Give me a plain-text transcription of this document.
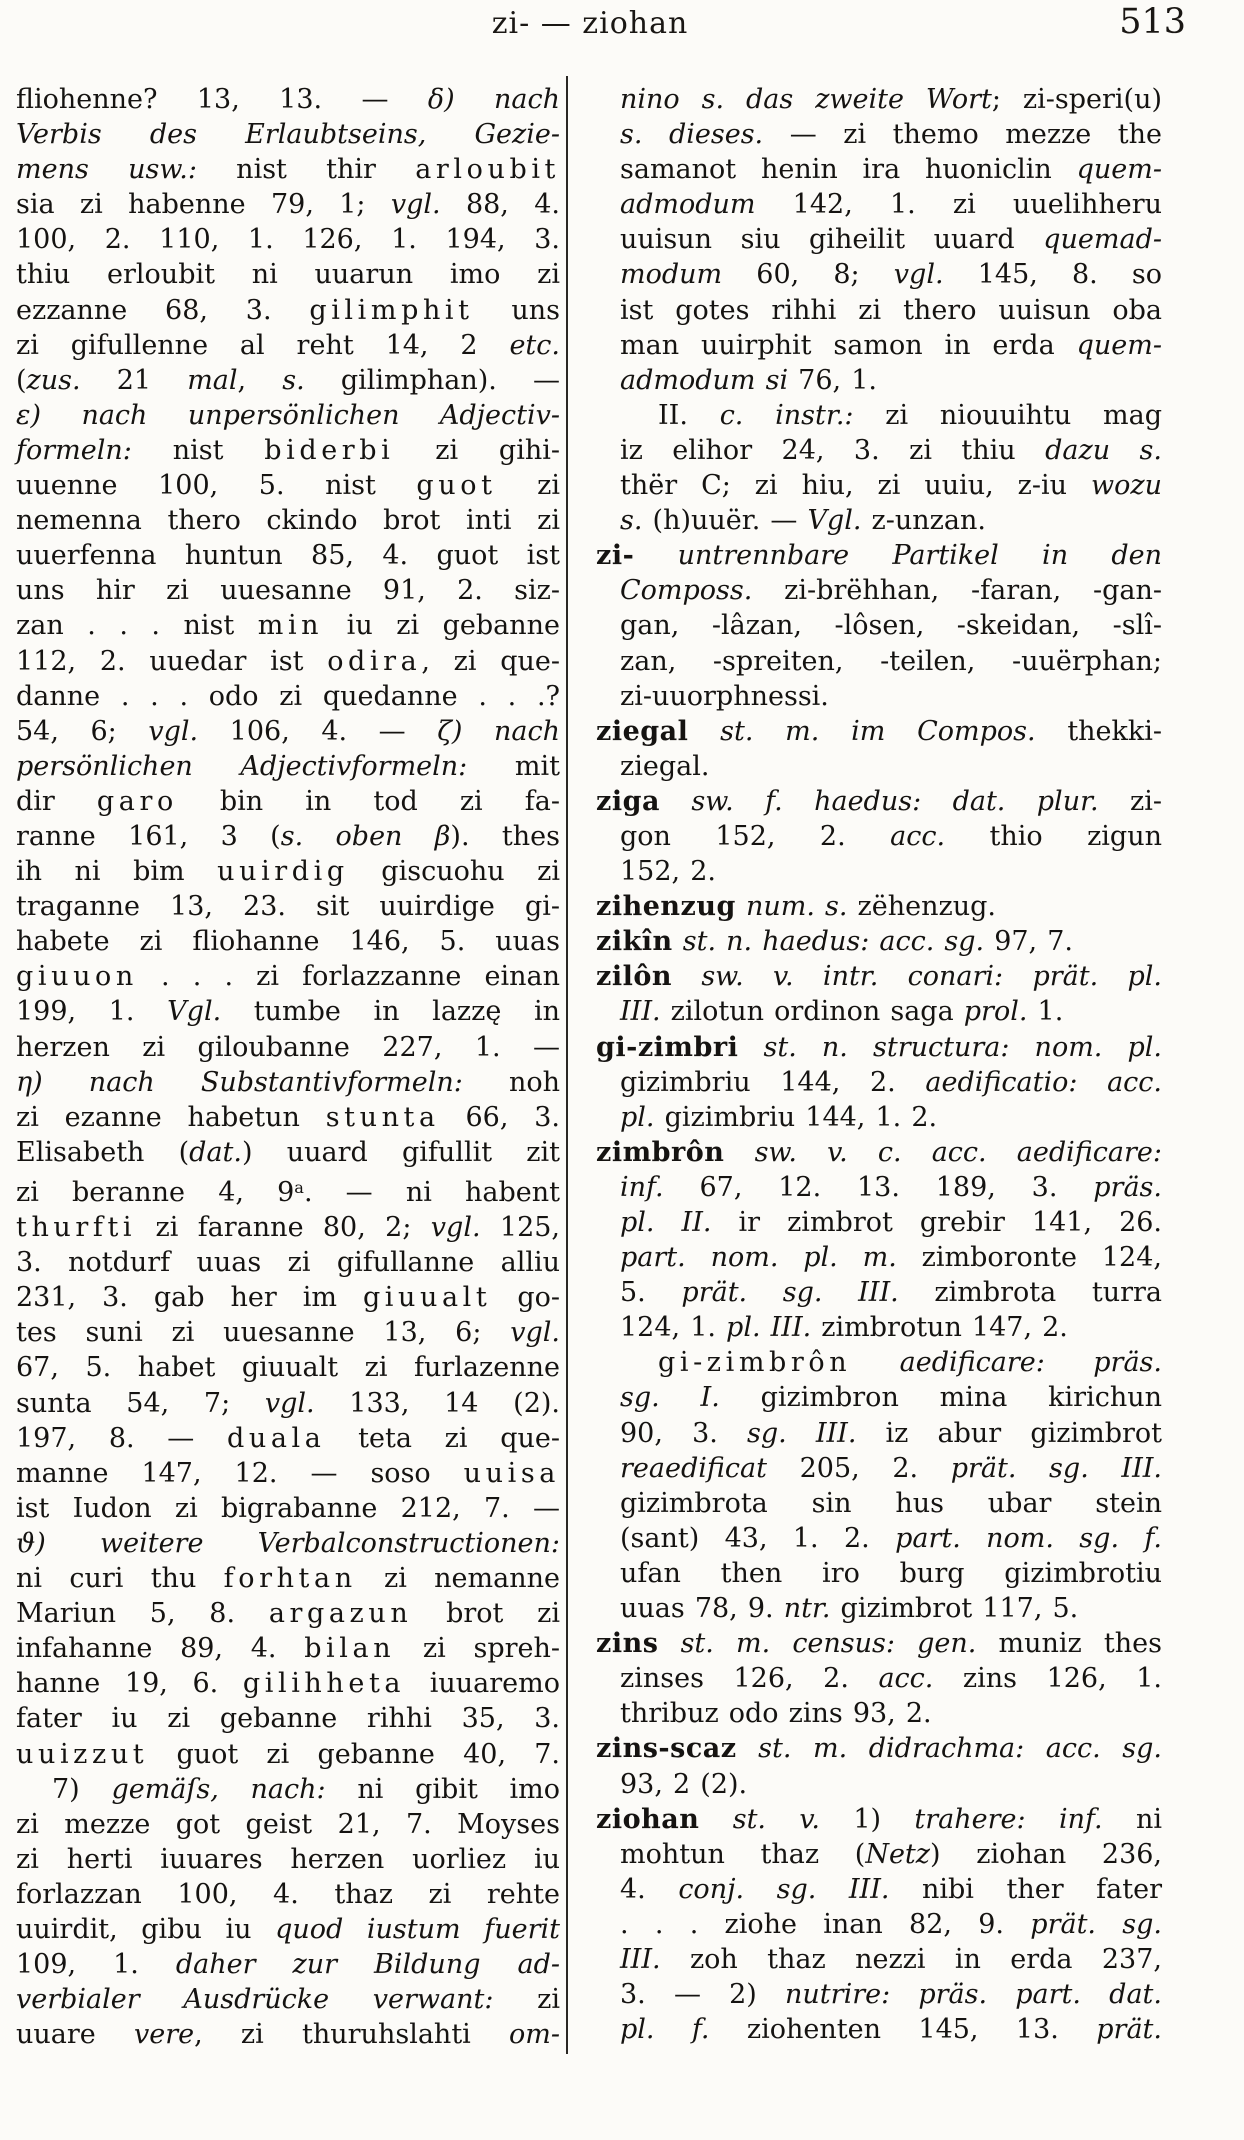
zi- — ziohan	513
fliohenne? 13, 13. — δ) nach
Verbis des Erlaubtseins, Gezie-
mens usw.: nist thir arloubit
sia zi habenne 79, 1; vgl. 88, 4.
100, 2. 110, 1. 126, 1. 194, 3.
thiu erloubit ni uuarun imo zi
ezzanne 68, 3. gilimphit uns
zi gifullenne al reht 14, 2 etc.
(zus. 21 mal, s. gilimphan). —
ε) nach unpersönlichen Adjectiv-
formeln: nist biderbi zi gihi-
uuenne 100, 5. nist guot zi
nemenna thero ckindo brot inti zi
uuerfenna huntun 85, 4. guot ist
uns hir zi uuesanne 91, 2. siz-
zan . . . nist min iu zi gebanne
112, 2. uuedar ist odira, zi que-
danne . . . odo zi quedanne . . .?
54, 6; vgl. 106, 4. — ζ) nach
persönlichen Adjectivformeln: mit
dir garo bin in tod zi fa-
ranne 161, 3 (s. oben β). thes
ih ni bim uuirdig giscuohu zi
traganne 13, 23. sit uuirdige gi-
habete zi fliohanne 146, 5. uuas
giuuon . . . zi forlazzanne einan
199, 1. Vgl. tumbe in lazzę in
herzen zi giloubanne 227, 1. —
η) nach Substantivformeln: noh
zi ezanne habetun stunta 66, 3.
Elisabeth (dat.) uuard gifullit zit
zi beranne 4, 9$^a$. — ni habent
thurfti zi faranne 80, 2; vgl. 125,
3. notdurf uuas zi gifullanne alliu
231, 3. gab her im giuualt go-
tes suni zi uuesanne 13, 6; vgl.
67, 5. habet giuualt zi furlazenne
sunta 54, 7; vgl. 133, 14 (2).
197, 8. — duala teta zi que-
manne 147, 12. — soso uuisa
ist Iudon zi bigrabanne 212, 7. —
ϑ) weitere Verbalconstructionen:
ni curi thu forhtan zi nemanne
Mariun 5, 8. argazun brot zi
infahanne 89, 4. bilan zi spreh-
hanne 19, 6. gilihheta iuuaremo
fater iu zi gebanne rihhi 35, 3.
uuizzut guot zi gebanne 40, 7.
7) gemäſs, nach: ni gibit imo
zi mezze got geist 21, 7. Moyses
zi herti iuuares herzen uorliez iu
forlazzan 100, 4. thaz zi rehte
uuirdit, gibu iu quod iustum fuerit
109, 1. daher zur Bildung ad-
verbialer Ausdrücke verwant: zi
uuare vere, zi thuruhslahti om-
nino s. das zweite Wort; zi-speri(u)
s. dieses. — zi themo mezze the
samanot henin ira huoniclin quem-
admodum 142, 1. zi uuelihheru
uuisun siu giheilit uuard quemad-
modum 60, 8; vgl. 145, 8. so
ist gotes rihhi zi thero uuisun oba
man uuirphit samon in erda quem-
admodum si 76, 1.
II. c. instr.: zi niouuihtu mag
iz elihor 24, 3. zi thiu dazu s.
thër C; zi hiu, zi uuiu, z-iu wozu
s. (h)uuër. — Vgl. z-unzan.
zi- untrennbare Partikel in den
Composs. zi-brëhhan, -faran, -gan-
gan, -lâzan, -lôsen, -skeidan, -slî-
zan, -spreiten, -teilen, -uuërphan;
zi-uuorphnessi.
ziegal st. m. im Compos. thekki-
ziegal.
ziga sw. f. haedus: dat. plur. zi-
gon 152, 2. acc. thio zigun
152, 2.
zihenzug num. s. zëhenzug.
zikîn st. n. haedus: acc. sg. 97, 7.
zilôn sw. v. intr. conari: prät. pl.
III. zilotun ordinon saga prol. 1.
gi-zimbri st. n. structura: nom. pl.
gizimbriu 144, 2. aedificatio: acc.
pl. gizimbriu 144, 1. 2.
zimbrôn sw. v. c. acc. aedificare:
inf. 67, 12. 13. 189, 3. präs.
pl. II. ir zimbrot grebir 141, 26.
part. nom. pl. m. zimboronte 124,
5. prät. sg. III. zimbrota turra
124, 1. pl. III. zimbrotun 147, 2.
gi-zimbrôn aedificare: präs.
sg. I. gizimbron mina kirichun
90, 3. sg. III. iz abur gizimbrot
reaedificat 205, 2. prät. sg. III.
gizimbrota sin hus ubar stein
(sant) 43, 1. 2. part. nom. sg. f.
ufan then iro burg gizimbrotiu
uuas 78, 9. ntr. gizimbrot 117, 5.
zins st. m. census: gen. muniz thes
zinses 126, 2. acc. zins 126, 1.
thribuz odo zins 93, 2.
zins-scaz st. m. didrachma: acc. sg.
93, 2 (2).
ziohan st. v. 1) trahere: inf. ni
mohtun thaz (Netz) ziohan 236,
4. conj. sg. III. nibi ther fater
. . . ziohe inan 82, 9. prät. sg.
III. zoh thaz nezzi in erda 237,
3. — 2) nutrire: präs. part. dat.
pl. f. ziohenten 145, 13. prät.
